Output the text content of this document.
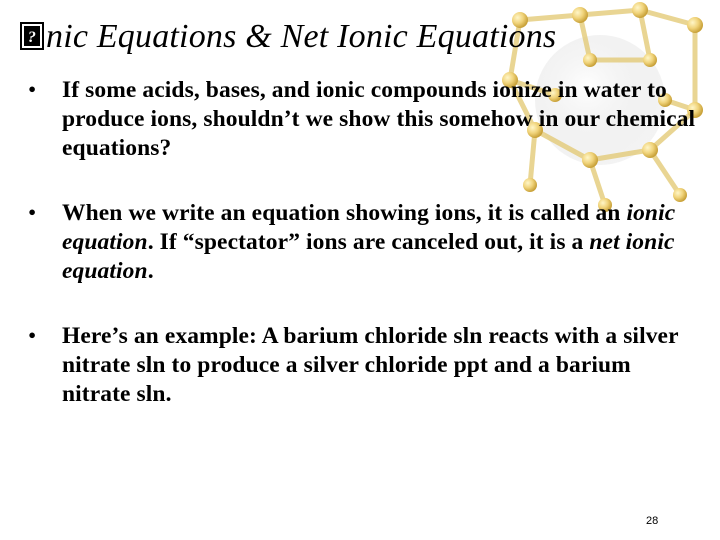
? nic Equations & Net Ionic Equations
• If some acids, bases, and ionic compounds ionize in water to produce ions, shouldn’t we show this somehow in our chemical equations?
• When we write an equation showing ions, it is called an ionic equation. If “spectator” ions are canceled out, it is a net ionic equation.
• Here’s an example: A barium chloride sln reacts with a silver nitrate sln to produce a silver chloride ppt and a barium nitrate sln.
28
